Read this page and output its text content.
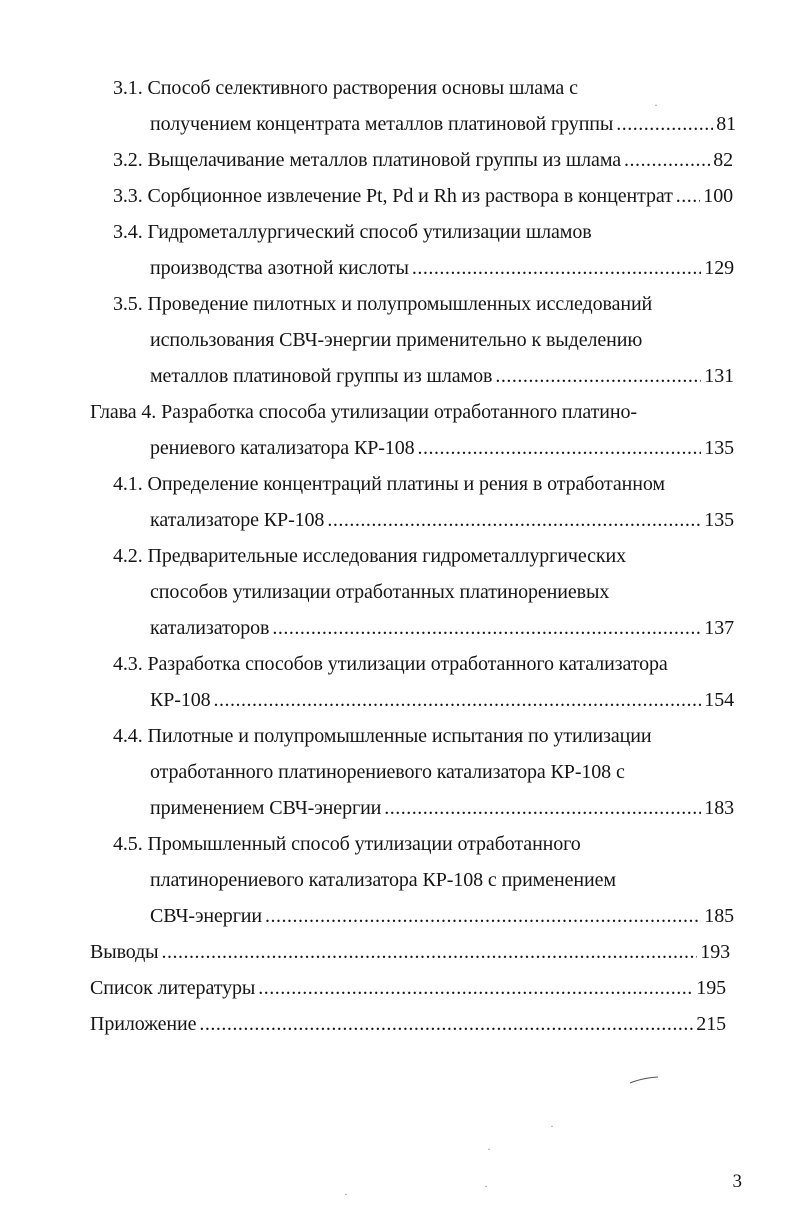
3.1. Способ селективного растворения основы шлама с
получением концентрата металлов платиновой группы .....	81
3.2. Выщелачивание металлов платиновой группы из шлама .....	82
3.3. Сорбционное извлечение Pt, Pd и Rh из раствора в концентрат ..... 100
3.4. Гидрометаллургический способ утилизации шламов
производства азотной кислоты .....	129
3.5. Проведение пилотных и полупромышленных исследований
использования СВЧ-энергии применительно к выделению
металлов платиновой группы из шламов .....	131
Глава 4. Разработка способа утилизации отработанного платино-
рениевого катализатора КР-108 .....	135
4.1. Определение концентраций платины и рения в отработанном
катализаторе КР-108 .....	135
4.2. Предварительные исследования гидрометаллургических
способов утилизации отработанных платинорениевых
катализаторов .....	137
4.3. Разработка способов утилизации отработанного катализатора
КР-108 .....	154
4.4. Пилотные и полупромышленные испытания по утилизации
отработанного платинорениевого катализатора КР-108 с
применением СВЧ-энергии .....	183
4.5. Промышленный способ утилизации отработанного
платинорениевого катализатора КР-108 с применением
СВЧ-энергии .....	185
Выводы .....	193
Список литературы .....	195
Приложение .....	215
·
·
·
·
·
3
